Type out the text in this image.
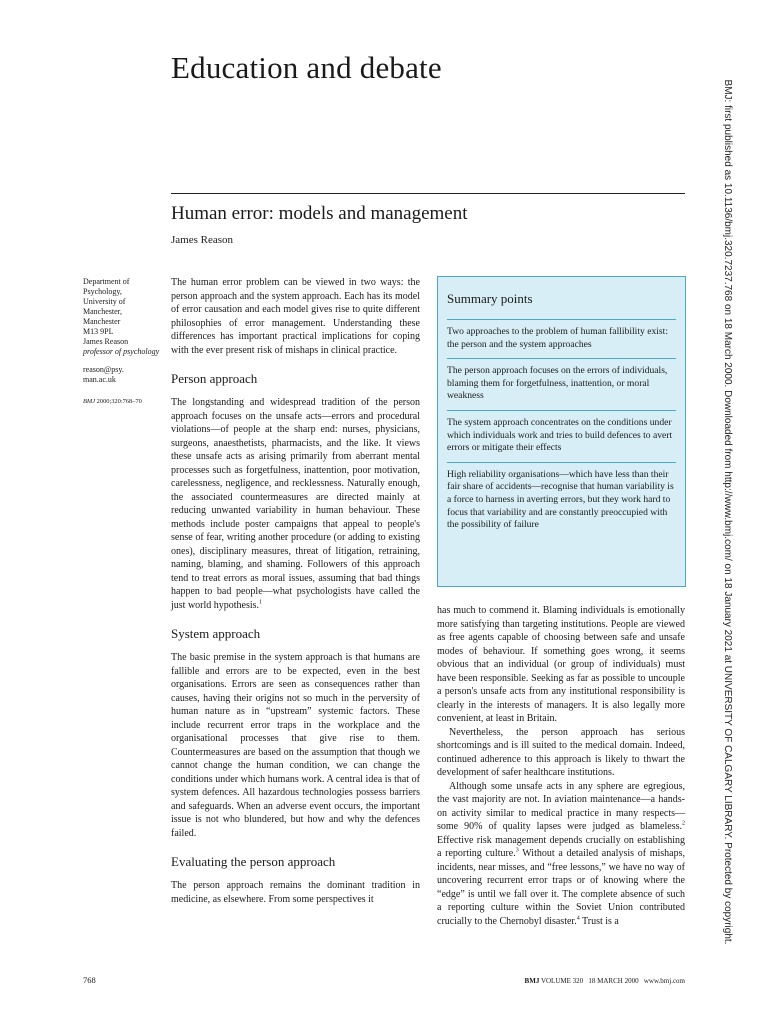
Education and debate
Human error: models and management
James Reason
Department of
Psychology,
University of
Manchester,
Manchester
M13 9PL
James Reason
professor of psychology
reason@psy.
man.ac.uk
BMJ 2000;320:768–70

The human error problem can be viewed in two ways: the person approach and the system approach. Each has its model of error causation and each model gives rise to quite different philosophies of error management. Understanding these differences has important practical implications for coping with the ever present risk of mishaps in clinical practice.

Person approach

The longstanding and widespread tradition of the person approach focuses on the unsafe acts—errors and procedural violations—of people at the sharp end: nurses, physicians, surgeons, anaesthetists, pharmacists, and the like. It views these unsafe acts as arising primarily from aberrant mental processes such as forgetfulness, inattention, poor motivation, carelessness, negligence, and recklessness. Naturally enough, the associated countermeasures are directed mainly at reducing unwanted variability in human behaviour. These methods include poster campaigns that appeal to people's sense of fear, writing another procedure (or adding to existing ones), disciplinary measures, threat of litigation, retraining, naming, blaming, and shaming. Followers of this approach tend to treat errors as moral issues, assuming that bad things happen to bad people—what psychologists have called the just world hypothesis.$^1$

System approach

The basic premise in the system approach is that humans are fallible and errors are to be expected, even in the best organisations. Errors are seen as consequences rather than causes, having their origins not so much in the perversity of human nature as in “upstream” systemic factors. These include recurrent error traps in the workplace and the organisational processes that give rise to them. Countermeasures are based on the assumption that though we cannot change the human condition, we can change the conditions under which humans work. A central idea is that of system defences. All hazardous technologies possess barriers and safeguards. When an adverse event occurs, the important issue is not who blundered, but how and why the defences failed.

Evaluating the person approach

The person approach remains the dominant tradition in medicine, as elsewhere. From some perspectives it

Summary points
Two approaches to the problem of human fallibility exist: the person and the system approaches
The person approach focuses on the errors of individuals, blaming them for forgetfulness, inattention, or moral weakness
The system approach concentrates on the conditions under which individuals work and tries to build defences to avert errors or mitigate their effects
High reliability organisations—which have less than their fair share of accidents—recognise that human variability is a force to harness in averting errors, but they work hard to focus that variability and are constantly preoccupied with the possibility of failure

has much to commend it. Blaming individuals is emotionally more satisfying than targeting institutions. People are viewed as free agents capable of choosing between safe and unsafe modes of behaviour. If something goes wrong, it seems obvious that an individual (or group of individuals) must have been responsible. Seeking as far as possible to uncouple a person's unsafe acts from any institutional responsibility is clearly in the interests of managers. It is also legally more convenient, at least in Britain.

Nevertheless, the person approach has serious shortcomings and is ill suited to the medical domain. Indeed, continued adherence to this approach is likely to thwart the development of safer healthcare institutions.

Although some unsafe acts in any sphere are egregious, the vast majority are not. In aviation maintenance—a hands-on activity similar to medical practice in many respects—some 90% of quality lapses were judged as blameless.$^2$ Effective risk management depends crucially on establishing a reporting culture.$^3$ Without a detailed analysis of mishaps, incidents, near misses, and “free lessons,” we have no way of uncovering recurrent error traps or of knowing where the “edge” is until we fall over it. The complete absence of such a reporting culture within the Soviet Union contributed crucially to the Chernobyl disaster.$^4$ Trust is a

768	BMJ VOLUME 320 18 MARCH 2000 www.bmj.com
BMJ: first published as 10.1136/bmj.320.7237.768 on 18 March 2000. Downloaded from http://www.bmj.com/ on 18 January 2021 at UNIVERSITY OF CALGARY LIBRARY. Protected by copyright.
